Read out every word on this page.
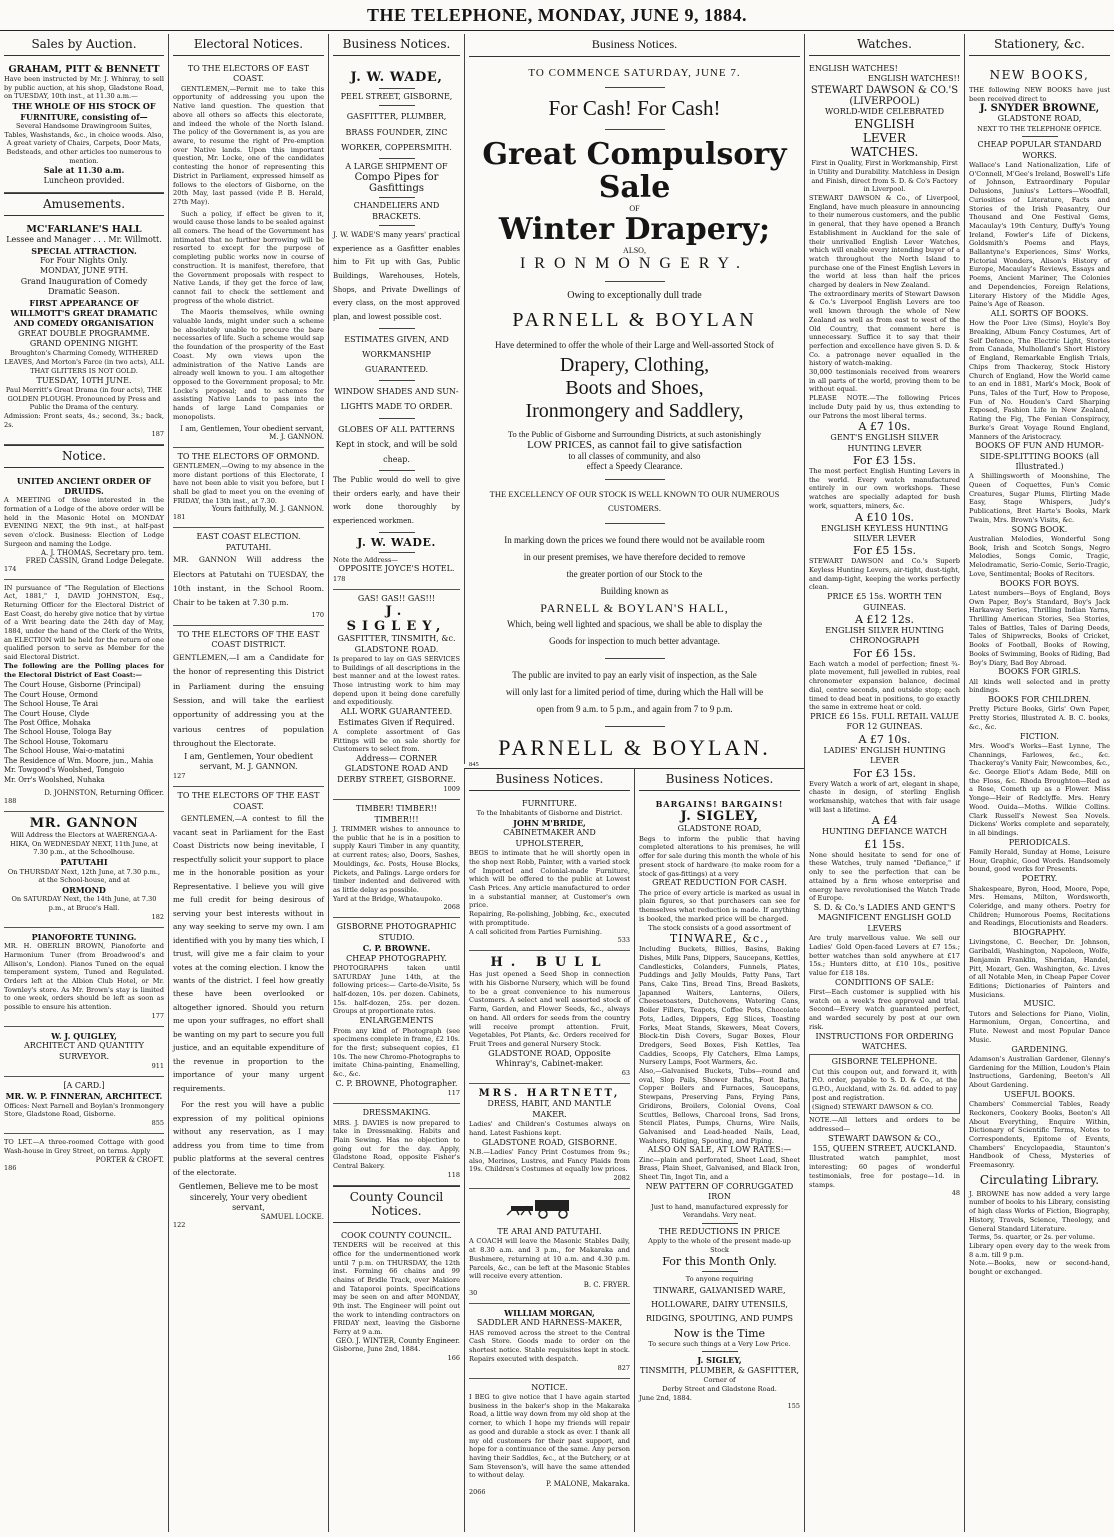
THE TELEPHONE, MONDAY, JUNE 9, 1884.
Sales by Auction.
GRAHAM, PITT & BENNETT
Have been instructed by Mr. J. Whinray, to sell by public auction, at his shop, Gladstone Road, on TUESDAY, 10th inst., at 11.30 a.m.—
THE WHOLE OF HIS STOCK OF FURNITURE, consisting of—
Several Handsome Drawingroom Suites, Tables, Washstands, &c., in choice woods. Also, A great variety of Chairs, Carpets, Door Mats, Bedsteads, and other articles too numerous to mention.
Sale at 11.30 a.m.
Luncheon provided.
Amusements.
MC'FARLANE'S HALL
Lessee and Manager . . . Mr. Willmott.
SPECIAL ATTRACTION.
For Four Nights Only.
MONDAY, JUNE 9TH.
Grand Inauguration of Comedy Dramatic Season.
FIRST APPEARANCE OF WILLMOTT'S GREAT DRAMATIC AND COMEDY ORGANISATION
GREAT DOUBLE PROGRAMME.
GRAND OPENING NIGHT.
Broughton's Charming Comedy, WITHERED LEAVES, And Morton's Farce (in two acts), ALL THAT GLITTERS IS NOT GOLD.
TUESDAY, 10TH JUNE.
Paul Merritt's Great Drama (in four acts), THE GOLDEN PLOUGH. Pronounced by Press and Public the Drama of the century.
Admission: Front seats, 4s.; second, 3s.; back, 2s.
187
Notice.
UNITED ANCIENT ORDER OF DRUIDS.
A MEETING of those interested in the formation of a Lodge of the above order will be held in the Masonic Hotel on MONDAY EVENING NEXT, the 9th inst., at half-past seven o'clock. Business: Election of Lodge Surgeon and naming the Lodge.
A. J. THOMAS, Secretary pro. tem.
FRED CASSIN, Grand Lodge Delegate.
174
IN pursuance of "The Regulation of Elections Act, 1881," I, DAVID JOHNSTON, Esq., Returning Officer for the Electoral District of East Coast, do hereby give notice that by virtue of a Writ bearing date the 24th day of May, 1884, under the hand of the Clerk of the Writs, an ELECTION will be held for the return of one qualified person to serve as Member for the said Electoral District.
The following are the Polling places for the Electoral District of East Coast:—
The Court House, Gisborne (Principal)
The Court House, Ormond
The School House, Te Arai
The Court House, Clyde
The Post Office, Mohaka
The School House, Tologa Bay
The School House, Tokomaru
The School House, Wai-o-matatini
The Residence of Wm. Moore, jun., Mahia
Mr. Towgood's Woolshed, Tongoio
Mr. Orr's Woolshed, Nuhaka
D. JOHNSTON, Returning Officer.
188
MR. GANNON
Will Address the Electors at WAERENGA-A-HIKA, On WEDNESDAY NEXT, 11th June, at 7.30 p.m., at the Schoolhouse.
PATUTAHI
On THURSDAY Next, 12th June, at 7.30 p.m., at the School-house, and at
ORMOND
On SATURDAY Next, the 14th June, at 7.30 p.m., at Bruce's Hall.
182
PIANOFORTE TUNING.
MR. H. OBERLIN BROWN, Pianoforte and Harmonium Tuner (from Broadwood's and Allison's, London). Pianos Tuned on the equal temperament system, Tuned and Regulated. Orders left at the Albion Club Hotel, or Mr. Townley's store. As Mr. Brown's stay is limited to one week, orders should be left as soon as possible to ensure his attention.
177
W. J. QUIGLEY,
ARCHITECT AND QUANTITY SURVEYOR.
911
[A CARD.]
MR. W. P. FINNERAN, ARCHITECT.
Offices: Next Parnell and Boylan's Ironmongery Store, Gladstone Road, Gisborne.
855
TO LET.—A three-roomed Cottage with good Wash-house in Grey Street, on terms. Apply
PORTER & CROFT.
186
Electoral Notices.
TO THE ELECTORS OF EAST COAST.

GENTLEMEN,—Permit me to take this opportunity of addressing you upon the Native land question. The question that above all others so affects this electorate, and indeed the whole of the North Island. The policy of the Government is, as you are aware, to resume the right of Pre-emption over Native lands. Upon this important question, Mr. Locke, one of the candidates contesting the honor of representing this District in Parliament, expressed himself as follows to the electors of Gisborne, on the 20th May, last passed (vide P. B. Herald, 27th May).

Such a policy, if effect be given to it, would cause those lands to be sealed against all comers. The head of the Government has intimated that no further borrowing will be resorted to except for the purpose of completing public works now in course of construction. It is manifest, therefore, that the Government proposals with respect to Native Lands, if they get the force of law, cannot fail to check the settlement and progress of the whole district.

The Maoris themselves, while owning valuable lands, might under such a scheme be absolutely unable to procure the bare necessaries of life. Such a scheme would sap the foundation of the prosperity of the East Coast. My own views upon the administration of the Native Lands are already well known to you. I am altogether opposed to the Government proposal; to Mr. Locke's proposal; and to schemes for assisting Native Lands to pass into the hands of large Land Companies or monopolists.

I am, Gentlemen, Your obedient servant, M. J. GANNON.
TO THE ELECTORS OF ORMOND.
GENTLEMEN,—Owing to my absence in the more distant portions of this Electorate, I have not been able to visit you before, but I shall be glad to meet you on the evening of FRIDAY, the 13th inst., at 7.30.
Yours faithfully, M. J. GANNON.
181
EAST COAST ELECTION.
PATUTAHI.
MR. GANNON Will address the Electors at Patutahi on TUESDAY, the 10th instant, in the School Room. Chair to be taken at 7.30 p.m.
170
TO THE ELECTORS OF THE EAST COAST DISTRICT.
GENTLEMEN,—I am a Candidate for the honor of representing this District in Parliament during the ensuing Session, and will take the earliest opportunity of addressing you at the various centres of population throughout the Electorate.
I am, Gentlemen, Your obedient servant, M. J. GANNON.
127
TO THE ELECTORS OF THE EAST COAST.

GENTLEMEN,—A contest to fill the vacant seat in Parliament for the East Coast Districts now being inevitable, I respectfully solicit your support to place me in the honorable position as your Representative. I believe you will give me full credit for being desirous of serving your best interests without in any way seeking to serve my own. I am identified with you by many ties which, I trust, will give me a fair claim to your votes at the coming election. I know the wants of the district. I feel how greatly these have been overlooked or altogether ignored. Should you return me upon your suffrages, no effort shall be wanting on my part to secure you full justice, and an equitable expenditure of the revenue in proportion to the importance of your many urgent requirements.

For the rest you will have a public expression of my political opinions without any reservation, as I may address you from time to time from public platforms at the several centres of the electorate.

Gentlemen, Believe me to be most sincerely, Your very obedient servant,
SAMUEL LOCKE.
122
Business Notices.
J. W. WADE,
PEEL STREET, GISBORNE,
GASFITTER, PLUMBER, BRASS FOUNDER, ZINC WORKER, COPPERSMITH.
A LARGE SHIPMENT OF
Compo Pipes for Gasfittings
CHANDELIERS AND BRACKETS.
J. W. WADE'S many years' practical experience as a Gasfitter enables him to Fit up with Gas, Public Buildings, Warehouses, Hotels, Shops, and Private Dwellings of every class, on the most approved plan, and lowest possible cost.
ESTIMATES GIVEN, AND WORKMANSHIP GUARANTEED.
WINDOW SHADES AND SUN-LIGHTS MADE TO ORDER.
GLOBES OF ALL PATTERNS Kept in stock, and will be sold cheap.
The Public would do well to give their orders early, and have their work done thoroughly by experienced workmen.
J. W. WADE.
Note the Address—
OPPOSITE JOYCE'S HOTEL.
178
GAS! GAS!! GAS!!!
J. SIGLEY,
GASFITTER, TINSMITH, &c. GLADSTONE ROAD.
Is prepared to lay on GAS SERVICES to Buildings of all descriptions in the best manner and at the lowest rates. Those intrusting work to him may depend upon it being done carefully and expeditiously.
ALL WORK GUARANTEED. Estimates Given if Required.
A complete assortment of Gas Fittings will be on sale shortly for Customers to select from.
Address— CORNER GLADSTONE ROAD AND DERBY STREET, GISBORNE.
1009
TIMBER! TIMBER!! TIMBER!!!
J. TRIMMER wishes to announce to the public that he is in a position to supply Kauri Timber in any quantity, at current rates; also, Doors, Sashes, Mouldings, &c. Posts, House Blocks, Pickets, and Palings. Large orders for timber indented and delivered with as little delay as possible.
Yard at the Bridge, Whataupoko.
2068
GISBORNE PHOTOGRAPHIC STUDIO.
C. P. BROWNE.
CHEAP PHOTOGRAPHY.
PHOTOGRAPHS taken until SATURDAY June 14th, at the following prices:— Carte-de-Visite, 5s half-dozen, 10s. per dozen. Cabinets, 15s. half-dozen, 25s. per dozen. Groups at proportionate rates.
ENLARGEMENTS
From any kind of Photograph (see specimens complete in frame, £2 10s. for the first; subsequent copies, £1 10s. The new Chromo-Photographs to imitate China-painting, Enamelling, &c., &c.
C. P. BROWNE, Photographer.
117
DRESSMAKING.
MRS. J. DAVIES is now prepared to take in Dressmaking. Habits and Plain Sewing. Has no objection to going out for the day. Apply, Gladstone Road, opposite Fisher's Central Bakery.
118
County Council Notices.
COOK COUNTY COUNCIL.
TENDERS will be received at this office for the undermentioned work until 7 p.m. on THURSDAY, the 12th inst. Forming 66 chains and 99 chains of Bridle Track, over Makiore and Tataporoi points. Specifications may be seen on and after MONDAY, 9th inst. The Engineer will point out the work to intending contractors on FRIDAY next, leaving the Gisborne Ferry at 9 a.m.
GEO. J. WINTER, County Engineer.
Gisborne, June 2nd, 1884.
166
Business Notices.
TO COMMENCE SATURDAY, JUNE 7.
For Cash! For Cash!
Great Compulsory Sale
OF
Winter Drapery;
ALSO,
IRONMONGERY.
Owing to exceptionally dull trade
PARNELL & BOYLAN
Have determined to offer the whole of their Large and Well-assorted Stock of
Drapery, Clothing,
Boots and Shoes,
Ironmongery and Saddlery,
To the Public of Gisborne and Surrounding Districts, at such astonishingly
LOW PRICES, as cannot fail to give satisfaction
to all classes of community, and also
effect a Speedy Clearance.
THE EXCELLENCY OF OUR STOCK IS WELL KNOWN TO OUR NUMEROUS CUSTOMERS.
In marking down the prices we found there would not be available room
in our present premises, we have therefore decided to remove
the greater portion of our Stock to the
Building known as
PARNELL & BOYLAN'S HALL,
Which, being well lighted and spacious, we shall be able to display the
Goods for inspection to much better advantage.
The public are invited to pay an early visit of inspection, as the Sale
will only last for a limited period of time, during which the Hall will be
open from 9 a.m. to 5 p.m., and again from 7 to 9 p.m.
PARNELL & BOYLAN.
845
Business Notices.
FURNITURE.
To the Inhabitants of Gisborne and District.
JOHN M'BRIDE,
CABINETMAKER AND UPHOLSTERER,
BEGS to intimate that he will shortly open in the shop next Robb, Painter, with a varied stock of Imported and Colonial-made Furniture, which will be offered to the public at Lowest Cash Prices. Any article manufactured to order in a substantial manner, at Customer's own price.
Repairing, Re-polishing, Jobbing, &c., executed with promptitude.
A call solicited from Parties Furnishing.
533
H. BULL
Has just opened a Seed Shop in connection with his Gisborne Nursery, which will be found to be a great convenience to his numerous Customers. A select and well assorted stock of Farm, Garden, and Flower Seeds, &c., always on hand. All orders for seeds from the country will receive prompt attention. Fruit, Vegetables, Pot Plants, &c. Orders received for Fruit Trees and general Nursery Stock.
GLADSTONE ROAD, Opposite Whinray's, Cabinet-maker.
63
MRS. HARTNETT,
DRESS, HABIT, AND MANTLE MAKER.
Ladies' and Children's Costumes always on hand. Latest Fashions kept.
GLADSTONE ROAD, GISBORNE.
N.B.—Ladies' Fancy Print Costumes from 9s.; also, Merinos, Lustres, and Fancy Plaids from 19s. Children's Costumes at equally low prices.
2082
TE ARAI AND PATUTAHI.
A COACH will leave the Masonic Stables Daily, at 8.30 a.m. and 3 p.m., for Makaraka and Bushmere, returning at 10 a.m. and 4.30 p.m. Parcels, &c., can be left at the Masonic Stables will receive every attention.
B. C. FRYER.
30
WILLIAM MORGAN,
SADDLER AND HARNESS-MAKER,
HAS removed across the street to the Central Cash Store. Goods made to order on the shortest notice. Stable requisites kept in stock. Repairs executed with despatch.
827
NOTICE.
I BEG to give notice that I have again started business in the baker's shop in the Makaraka Road, a little way down from my old shop at the corner, to which I hope my friends will repair as good and durable a stock as ever. I thank all my old customers for their past support, and hope for a continuance of the same. Any person having their Saddles, &c., at the Butchery, or at Sam Stevenson's, will have the same attended to without delay.
P. MALONE, Makaraka.
2066
Business Notices.
BARGAINS! BARGAINS!
J. SIGLEY,
GLADSTONE ROAD,
Begs to inform the public that having completed alterations to his premises, he will offer for sale during this month the whole of his present stock of hardware (to make room for a stock of gas-fittings) at a very
GREAT REDUCTION FOR CASH.
The price of every article is marked as usual in plain figures, so that purchasers can see for themselves what reduction is made. If anything is booked, the marked price will be charged.
The stock consists of a good assortment of
TINWARE, &c.,
Including Buckets, Billies, Basins, Baking Dishes, Milk Pans, Dippers, Saucepans, Kettles, Candlesticks, Colanders, Funnels, Plates, Puddings and Jelly Moulds, Patty Pans, Tart Pans, Cake Tins, Bread Tins, Bread Baskets, Japanned Waiters, Lanterns, Oilers, Cheesetoasters, Dutchovens, Watering Cans, Boiler Fillers, Teapots, Coffee Pots, Chocolate Pots, Ladles, Dippers, Egg Slices, Toasting Forks, Meat Stands, Skewers, Meat Covers, Block-tin Dish Covers, Sugar Boxes, Flour Dredgers, Seed Boxes, Fish Kettles, Tea Caddies, Scoops, Fly Catchers, Elma Lamps, Nursery Lamps, Foot Warmers, &c.
Also,—Galvanised Buckets, Tubs—round and oval, Slop Pails, Shower Baths, Foot Baths, Copper Boilers and Furnaces, Saucepans, Stewpans, Preserving Pans, Frying Pans, Gridirons, Broilers, Colonial Ovens, Coal Scuttles, Bellows, Charcoal Irons, Sad Irons, Stencil Plates, Pumps, Churns, Wire Nails, Galvanised and Lead-headed Nails, Lead, Washers, Ridging, Spouting, and Piping.
ALSO ON SALE, AT LOW RATES:—
Zinc—plain and perforated, Sheet Lead, Sheet Brass, Plain Sheet, Galvanised, and Black Iron, Sheet Tin, Ingot Tin, and a
NEW PATTERN OF CORRUGGATED IRON
Just to hand, manufactured expressly for Verandahs. Very neat.
THE REDUCTIONS IN PRICE
Apply to the whole of the present made-up Stock
For this Month Only.
To anyone requiring
TINWARE, GALVANISED WARE, HOLLOWARE, DAIRY UTENSILS, RIDGING, SPOUTING, AND PUMPS
Now is the Time
To secure such things at a Very Low Price.
J. SIGLEY,
TINSMITH, PLUMBER, & GASFITTER,
Corner of
Derby Street and Gladstone Road.
June 2nd, 1884.
155
Watches.
ENGLISH WATCHES!
ENGLISH WATCHES!!
STEWART DAWSON & CO.'S (LIVERPOOL)
WORLD-WIDE CELEBRATED
ENGLISH
LEVER
WATCHES.
First in Quality, First in Workmanship, First in Utility and Durability. Matchless in Design and Finish, direct from S. D. & Co's Factory in Liverpool.
STEWART DAWSON & Co., of Liverpool, England, have much pleasure in announcing to their numerous customers, and the public in general, that they have opened a Branch Establishment in Auckland for the sale of their unrivalled English Lever Watches, which will enable every intending buyer of a watch throughout the North Island to purchase one of the Finest English Levers in the world at less than half the prices charged by dealers in New Zealand.
The extraordinary merits of Stewart Dawson & Co.'s Liverpool English Levers are too well known through the whole of New Zealand as well as from east to west of the Old Country, that comment here is unnecessary. Suffice it to say that their perfection and excellence have given S. D. & Co. a patronage never equalled in the history of watch-making.
30,000 testimonials received from wearers in all parts of the world, proving them to be without equal.
PLEASE NOTE.—The following Prices include Duty paid by us, thus extending to our Patrons the most liberal terms.
A £7 10s.
GENT'S ENGLISH SILVER HUNTING LEVER
For £3 15s.
The most perfect English Hunting Levers in the world. Every watch manufactured entirely in our own workshops. These watches are specially adapted for bush work, squatters, miners, &c.
A £10 10s.
ENGLISH KEYLESS HUNTING SILVER LEVER
For £5 15s.
STEWART DAWSON and Co.'s Superb Keyless Hunting Levers, air-tight, dust-tight, and damp-tight, keeping the works perfectly clean.
PRICE £5 15s. WORTH TEN GUINEAS.
A £12 12s.
ENGLISH SILVER HUNTING CHRONOGRAPH
For £6 15s.
Each watch a model of perfection; finest ¾-plate movement, full jewelled in rubies, real chronometer expansion balance, decimal dial, centre seconds, and outside stop; each timed to dead beat in positions, to go exactly the same in extreme heat or cold.
PRICE £6 15s. FULL RETAIL VALUE FOR 12 GUINEAS.
A £7 10s.
LADIES' ENGLISH HUNTING LEVER
For £3 15s.
Every Watch a work of art, elegant in shape, chaste in design, of sterling English workmanship, watches that with fair usage will last a lifetime.
A £4
HUNTING DEFIANCE WATCH
£1 15s.
None should hesitate to send for one of these Watches, truly named "Defiance," if only to see the perfection that can be attained by a firm whose enterprise and energy have revolutionised the Watch Trade of Europe.
S. D. & Co.'s LADIES AND GENT'S MAGNIFICENT ENGLISH GOLD LEVERS
Are truly marvellous value. We sell our Ladies' Gold Open-faced Levers at £7 15s.; better watches than sold anywhere at £17 15s.; Hunters ditto, at £10 10s., positive value for £18 18s.
CONDITIONS OF SALE:
First—Each customer is supplied with his watch on a week's free approval and trial. Second—Every watch guaranteed perfect, and warded securely by post at our own risk.
INSTRUCTIONS FOR ORDERING WATCHES.
GISBORNE TELEPHONE.
Cut this coupon out, and forward it, with P.O. order, payable to S. D. & Co., at the G.P.O., Auckland, with 2s. 6d. added to pay post and registration.
(Signed) STEWART DAWSON & CO.
NOTE.—All letters and orders to be addressed—
STEWART DAWSON & CO.,
155, QUEEN STREET, AUCKLAND.
Illustrated watch pamphlet, most interesting; 60 pages of wonderful testimonials, free for postage—1d. in stamps.
48
Stationery, &c.
NEW BOOKS,
THE following NEW BOOKS have just been received direct to
J. SNYDER BROWNE,
GLADSTONE ROAD,
NEXT TO THE TELEPHONE OFFICE.
CHEAP POPULAR STANDARD WORKS.
Wallace's Land Nationalization, Life of O'Connell, M'Gee's Ireland, Boswell's Life of Johnson, Extraordinary Popular Delusions, Junius's Letters—Woodfall, Curiosities of Literature, Facts and Stories of the Irish Peasantry, Our Thousand and One Festival Gems, Macaulay's 19th Century, Duffy's Young Ireland, Fowler's Life of Dickens, Goldsmith's Poems and Plays, Ballantyne's Experiences, Sims' Works, Pictorial Wonders, Alison's History of Europe, Macaulay's Reviews, Essays and Poems, Ancient Mariner, The Colonies and Dependencies, Foreign Relations, Literary History of the Middle Ages, Paine's Age of Reason.
ALL SORTS OF BOOKS.
How the Poor Live (Sims), Hoyle's Boy Breaking, Album Fancy Costumes, Art of Self Defence, The Electric Light, Stories from Canada, Mulholland's Short History of England, Remarkable English Trials, Chips from Thackeray, Stock History Church of England, How the World came to an end in 1881, Mark's Mock, Book of Puns, Tales of the Turf, How to Propose, Fun of No. Houden's Card Sharping Exposed, Fashion Life in New Zealand, Rating the Fig, The Fenian Conspiracy, Burke's Great Voyage Round England, Manners of the Aristocracy.
BOOKS OF FUN AND HUMOR-SIDE-SPLITTING BOOKS (all Illustrated.)
A Shillingsworth of Moonshine, The Queen of Coquettes, Fun's Comic Creatures, Sugar Plums, Flirting Made Easy, Stage Whispers, Judy's Publications, Bret Harte's Books, Mark Twain, Mrs. Brown's Visits, &c.
SONG BOOK.
Australian Melodies, Wonderful Song Book, Irish and Scotch Songs, Negro Melodies, Songs Comic, Tragic, Melodramatic, Serio-Comic, Serio-Tragic, Love, Sentimental; Books of Recitors.
BOOKS FOR BOYS.
Latest numbers—Boys of England, Boys Own Paper, Boy's Standard, Boy's Jack Harkaway Series, Thrilling Indian Yarns, Thrilling American Stories, Sea Stories, Tales of Battles, Tales of Daring Deeds, Tales of Shipwrecks, Books of Cricket, Books of Football, Books of Rowing, Books of Swimming, Books of Riding, Bad Boy's Diary, Bad Boy Abroad.
BOOKS FOR GIRLS.
All kinds well selected and in pretty bindings.
BOOKS FOR CHILDREN.
Pretty Picture Books, Girls' Own Paper, Pretty Stories, Illustrated A. B. C. books, &c., &c.
FICTION.
Mrs. Wood's Works—East Lynne, The Channings, Farlowes, &c., &c. Thackeray's Vanity Fair, Newcombes, &c., &c. George Eliot's Adam Bede, Mill on the Floss, &c. Rhoda Broughton—Red as a Rose, Cometh up as a Flower. Miss Yonge—Heir of Redclyffe. Mrs. Henry Wood. Ouida—Moths. Wilkie Collins. Clark Russell's Newest Sea Novels. Dickens' Works complete and separately, in all bindings.
PERIODICALS.
Family Herald, Sunday at Home, Leisure Hour, Graphic, Good Words. Handsomely bound, good works for Presents.
POETRY.
Shakespeare, Byron, Hood, Moore, Pope, Mrs. Hemans, Milton, Wordsworth, Coleridge, and many others. Poetry for Children; Humorous Poems, Recitations and Readings, Elocutionists and Readers.
BIOGRAPHY.
Livingstone, C. Beecher, Dr. Johnson, Garibaldi, Washington, Napoleon, Wolfe, Benjamin Franklin, Sheridan, Handel, Pitt, Mozart, Gen. Washington, &c. Lives of all Notable Men, in Cheap Paper Cover Editions; Dictionaries of Painters and Musicians.
MUSIC.
Tutors and Selections for Piano, Violin, Harmonium, Organ, Concertina, and Flute. Newest and most Popular Dance Music.
GARDENING.
Adamson's Australian Gardener, Glenny's Gardening for the Million, Loudon's Plain Instructions, Gardening, Beeton's All About Gardening.
USEFUL BOOKS.
Chambers' Commercial Tables, Ready Reckoners, Cookery Books, Beeton's All About Everything, Enquire Within, Dictionary of Scientific Terms, Notes to Correspondents, Epitome of Events, Chambers' Encyclopaedia, Staunton's Handbook of Chess, Mysteries of Freemasonry.
Circulating Library.
J. BROWNE has now added a very large number of books to his Library, consisting of high class Works of Fiction, Biography, History, Travels, Science, Theology, and General Standard Literature.
Terms, 5s. quarter, or 2s. per volume.
Library open every day to the week from 8 a.m. till 9 p.m.
Note.—Books, new or second-hand, bought or exchanged.
